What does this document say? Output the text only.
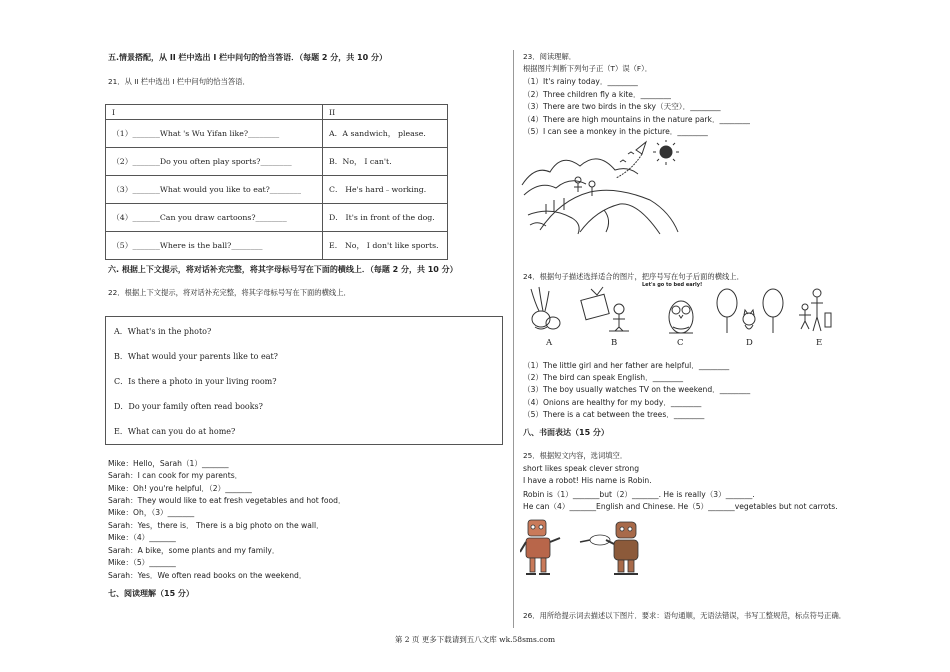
五.情景搭配，从 II 栏中选出 I 栏中问句的恰当答语．（每题 2 分，共 10 分）
21．从 II 栏中选出 I 栏中问句的恰当答语．
I	II
（1）_______What 's Wu Yifan like?________	A．A sandwich， please．
（2）_______Do you often play sports?________	B．No， I can't．
（3）_______What would you like to eat?________	C． He's hard﹣working．
（4）_______Can you draw cartoons?________	D． It's in front of the dog．
（5）_______Where is the ball?________	E． No， I don't like sports．
六. 根据上下文提示，将对话补充完整，将其字母标号写在下面的横线上．（每题 2 分，共 10 分）
22．根据上下文提示，将对话补充完整，将其字母标号写在下面的横线上．
A．What's in the photo?
B．What would your parents like to eat?
C．Is there a photo in your living room?
D．Do your family often read books?
E．What can you do at home?
Mike：Hello，Sarah（1）_______
Sarah：I can cook for my parents．
Mike：Oh! you're helpful．（2）_______
Sarah：They would like to eat fresh vegetables and hot food．
Mike：Oh，（3）_______
Sarah：Yes，there is． There is a big photo on the wall．
Mike：（4）_______
Sarah：A bike，some plants and my family．
Mike：（5）_______
Sarah：Yes．We often read books on the weekend．
七、阅读理解（15 分）
23．阅读理解．
根据图片判断下列句子正（T）误（F）．
（1）It's rainy today．________
（2）Three children fly a kite．________
（3）There are two birds in the sky（天空）．________
（4）There are high mountains in the nature park．________
（5）I can see a monkey in the picture．________
24．根据句子描述选择适合的图片，把序号写在句子后面的横线上．
Let's go to bed early!
A	B	C	D	E
（1）The little girl and her father are helpful．________
（2）The bird can speak English．________
（3）The boy usually watches TV on the weekend．________
（4）Onions are healthy for my body．________
（5）There is a cat between the trees．________
八、书面表达（15 分）
25．根据短文内容，选词填空．
short likes speak clever strong
I have a robot! His name is Robin.
Robin is（1）_______but（2）_______. He is really（3）_______.
He can（4）_______English and Chinese. He（5）_______vegetables but not carrots.
26．用所给提示词去描述以下图片．要求：语句通顺，无语法错误，书写工整规范，标点符号正确．
第 2 页 更多下载请到五八文库 wk.58sms.com
